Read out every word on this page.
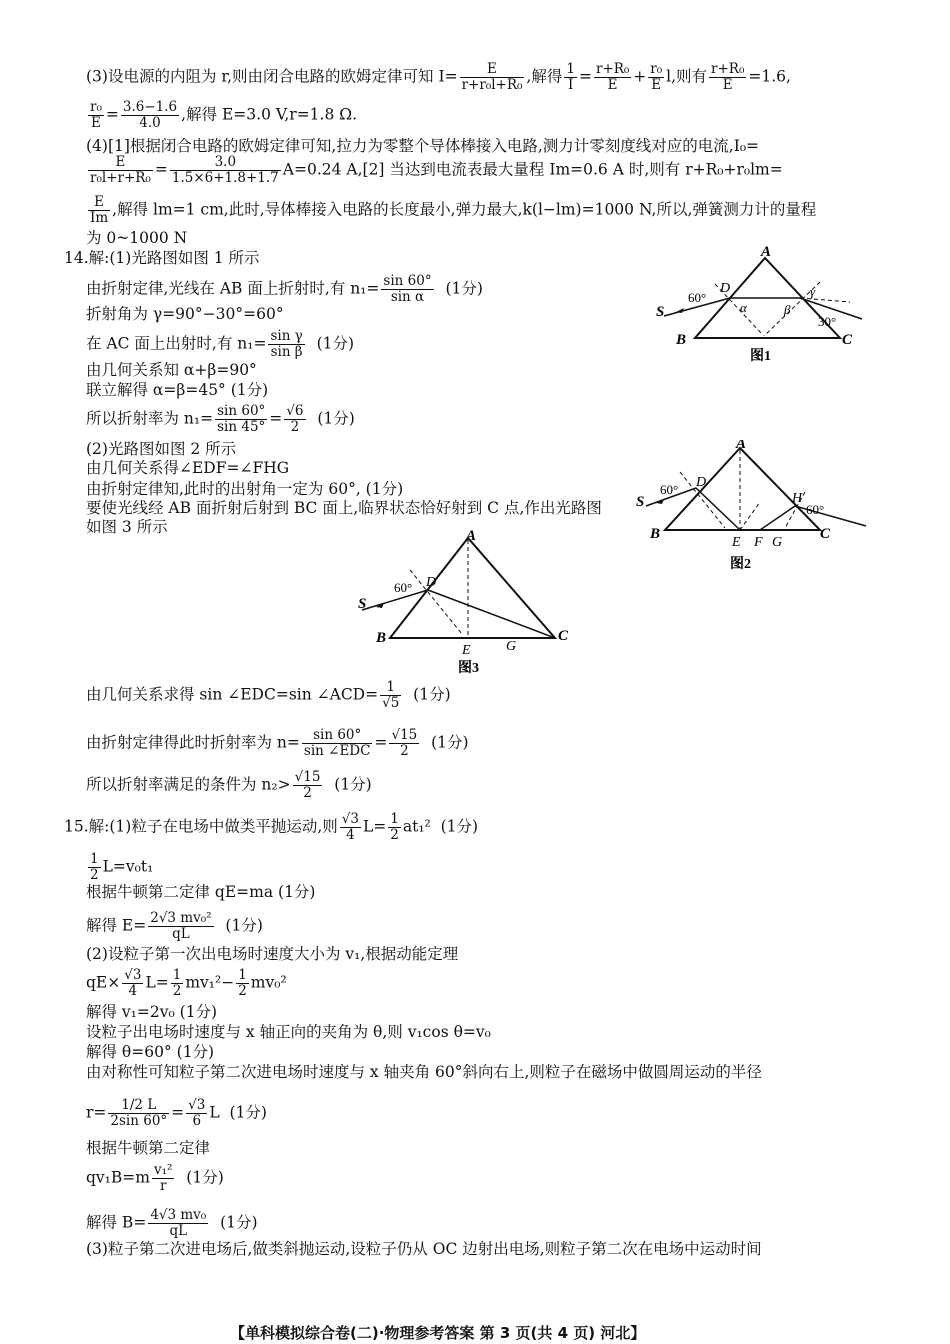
(3)设电源的内阻为 r,则由闭合电路的欧姆定律可知 $I= \frac{E}{\text{r+r₀l+R₀}}$ ,解得 $\frac{1}{I} = \frac{\text{r+R₀}}{E} + \frac{\text{r₀}}{E} l$,则有 $\frac{\text{r+R₀}}{E} =1.6$,
$\frac{\text{r₀}}{E} = \frac{3.6-1.6}{4.0}$ ,解得 E=3.0 V,r=1.8 Ω.
(4)[1]根据闭合电路的欧姆定律可知,拉力为零整个导体棒接入电路,测力计零刻度线对应的电流,I₀=
$\frac{E}{\text{r₀l+r+R₀}} = \frac{3.0}{1.5\times 6+1.8+1.7} A=0.24$ A,[2] 当达到电流表最大量程 Im=0.6 A 时,则有 r+R₀+r₀lm=
$\frac{E}{Im}$ ,解得 lm=1 cm,此时,导体棒接入电路的长度最小,弹力最大,k(l−lm)=1000 N,所以,弹簧测力计的量程
为 0~1000 N
14.解:(1)光路图如图 1 所示
由折射定律,光线在 AB 面上折射时,有 $n_1= \frac{\sin 60^\circ}{\text{sin α}} (1$分)
折射角为 γ=90°−30°=60°
在 AC 面上出射时,有 $n_1= \frac{\text{sin γ}}{\text{sin β}} (1$分)
由几何关系知 α+β=90°
联立解得 α=β=45° (1分)
所以折射率为 $n_1= \frac{\sin 60^\circ}{\sin 45^\circ} = \frac{√6}{2} (1$分)
(2)光路图如图 2 所示
由几何关系得∠EDF=∠FHG
由折射定律知,此时的出射角一定为 60°, (1分)
要使光线经 AB 面折射后射到 BC 面上,临界状态恰好射到 C 点,作出光路图
如图 3 所示
A
B	C
D
S
60°
30°
α	β
γ
图1
A
B	C
D
E F G
H
S
60°
60°
图2
A
B	C
D
E	G
S
60°
图3
由几何关系求得 sin ∠EDC=sin ∠ACD= $\frac{1}{√5} (1$分)
由折射定律得此时折射率为 $n= \frac{\sin 60^\circ}{\text{sin ∠EDC}} = \frac{√15}{2} (1$分)
所以折射率满足的条件为 $n_2> \frac{√15}{2} (1$分)
15.解:(1)粒子在电场中做类平抛运动,则 $\frac{√3}{4} L= \frac{1}{2} at_1^2$ (1分)
$\frac{1}{2} L=v_0t_1$
根据牛顿第二定律 qE=ma (1分)
解得 $E= \frac{\text{2√3 mv₀²}}{qL} (1$分)
(2)设粒子第一次出电场时速度大小为 v₁,根据动能定理
$qE\times \frac{√3}{4} L= \frac{1}{2} mv_1^2- \frac{1}{2} mv_0^2$
解得 v₁=2v₀ (1分)
设粒子出电场时速度与 x 轴正向的夹角为 θ,则 v₁cos θ=v₀
解得 θ=60° (1分)
由对称性可知粒子第二次进电场时速度与 x 轴夹角 60°斜向右上,则粒子在磁场中做圆周运动的半径
$r= \frac{1/2 L}{2\sin 60^\circ} = \frac{√3}{6}$ L (1分)
根据牛顿第二定律
$qv_1B=m \frac{\text{v₁²}}{r} (1$分)
解得 $B= \frac{\text{4√3 mv₀}}{qL} (1$分)
(3)粒子第二次进电场后,做类斜抛运动,设粒子仍从 OC 边射出电场,则粒子第二次在电场中运动时间
【单科模拟综合卷(二)·物理参考答案 第 3 页(共 4 页) 河北】
